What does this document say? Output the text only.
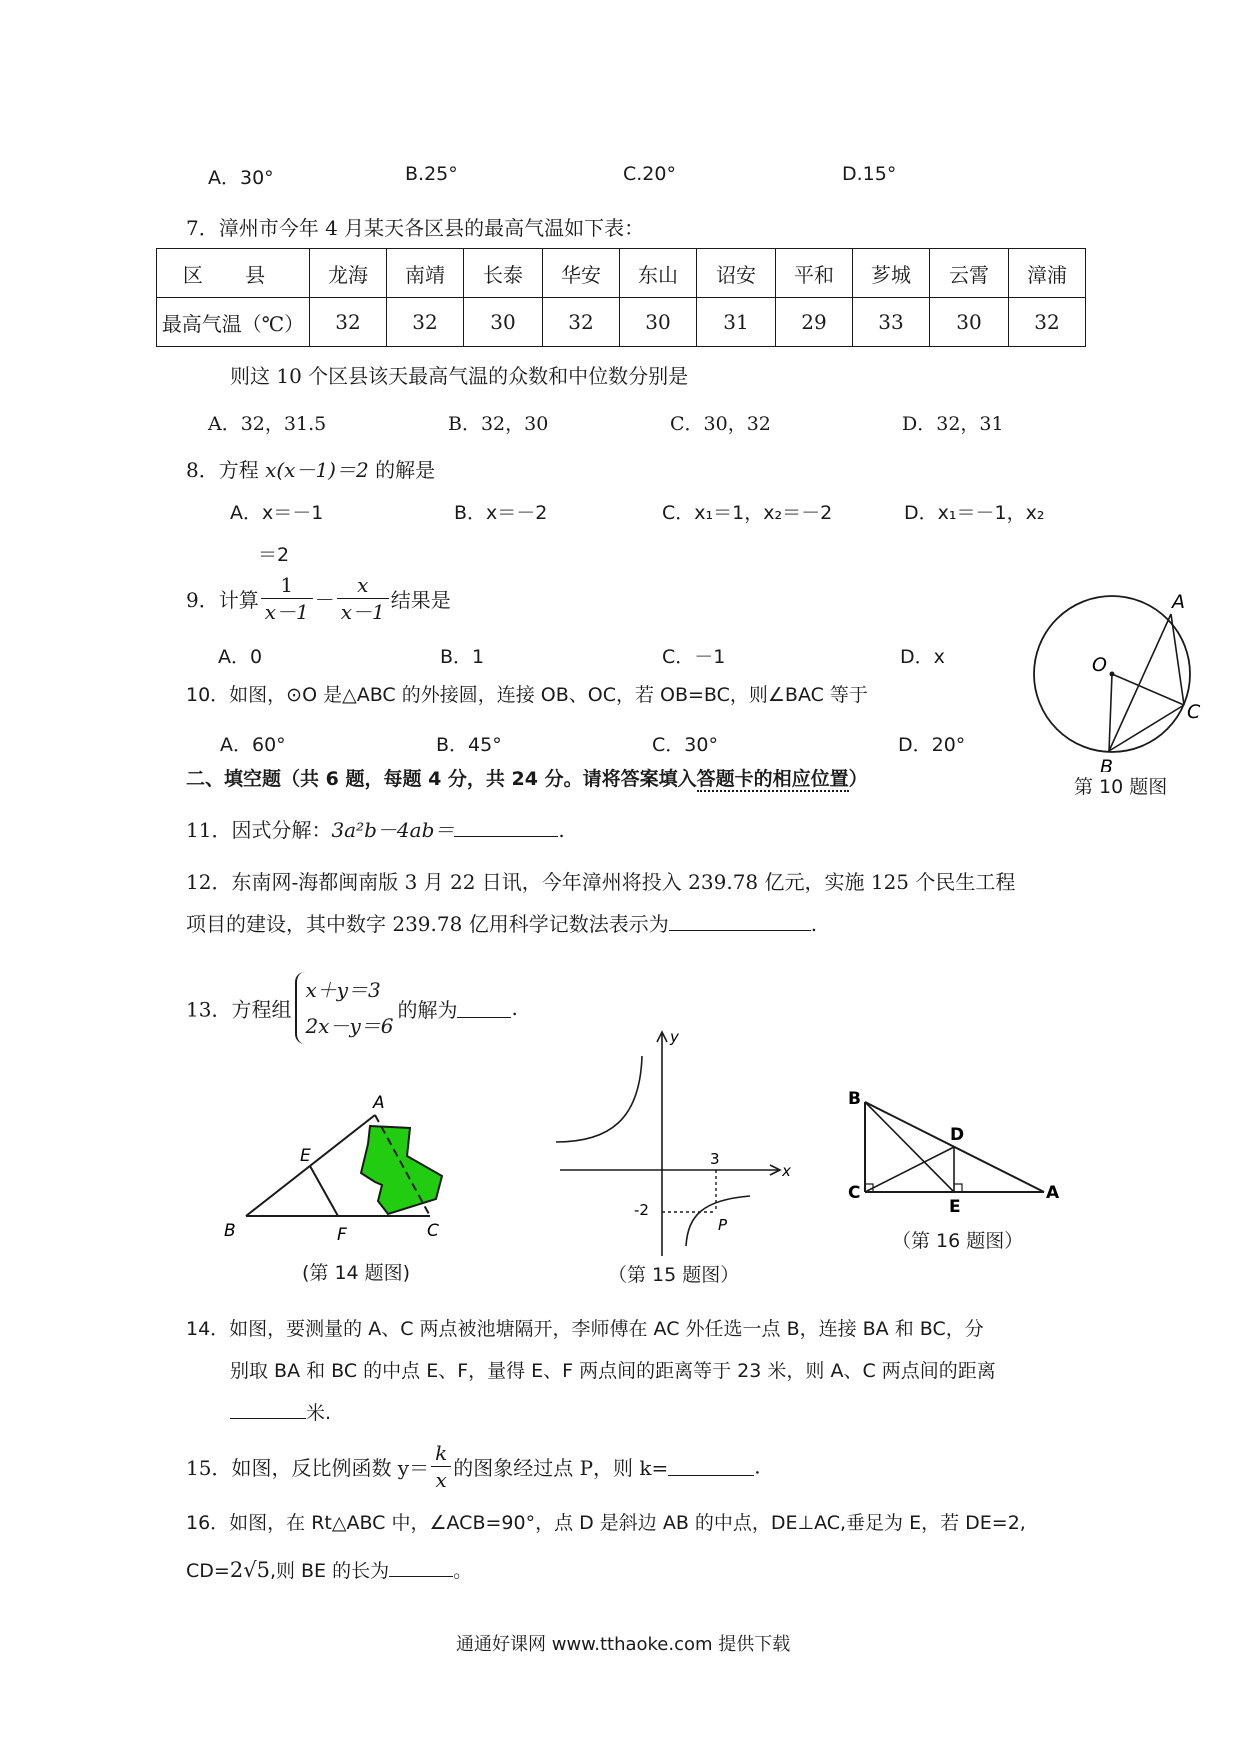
A．30°	B.25°	C.20°	D.15°
7．漳州市今年 4 月某天各区县的最高气温如下表：
区 县	龙海	南靖	长泰	华安	东山	诏安	平和	芗城	云霄	漳浦
最高气温（℃）	32	32	30	32	30	31	29	33	30	32
则这 10 个区县该天最高气温的众数和中位数分别是
A．32，31.5	B．32，30	C．30，32	D．32，31
8．方程 x(x－1)＝2 的解是
A．x＝－1	B．x＝－2	C．x₁＝1，x₂＝－2	D．x₁＝－1，x₂
＝2
9．计算 $\frac{1}{x-1} - \frac{x}{x-1}$ 结果是
A．0	B．1	C．－1	D．x
10．如图，⊙O 是△ABC 的外接圆，连接 OB、OC，若 OB=BC，则∠BAC 等于
A．60°	B．45°	C．30°	D．20°
A
C
B
O
第 10 题图
二、填空题（共 6 题，每题 4 分，共 24 分。请将答案填入答题卡的相应位置）
11．因式分解：3a²b－4ab＝	.
12．东南网-海都闽南版 3 月 22 日讯，今年漳州将投入 239.78 亿元，实施 125 个民生工程
项目的建设，其中数字 239.78 亿用科学记数法表示为	.
13．方程组
x＋y＝3
2x－y＝6
的解为	.
A
E
B	F	C
(第 14 题图)
y
x
3
-2
P
（第 15 题图）
B
D
C
E
A
（第 16 题图）
14．如图，要测量的 A、C 两点被池塘隔开，李师傅在 AC 外任选一点 B，连接 BA 和 BC，分
别取 BA 和 BC 的中点 E、F，量得 E、F 两点间的距离等于 23 米，则 A、C 两点间的距离
米.
15．如图，反比例函数 $y= \frac{k}{x}$ 的图象经过点 P，则 k=	.
16．如图，在 Rt△ABC 中，∠ACB=90°，点 D 是斜边 AB 的中点，DE⊥AC,垂足为 E，若 DE=2,
CD=2√5,则 BE 的长为	。
通通好课网 www.tthaoke.com 提供下载
